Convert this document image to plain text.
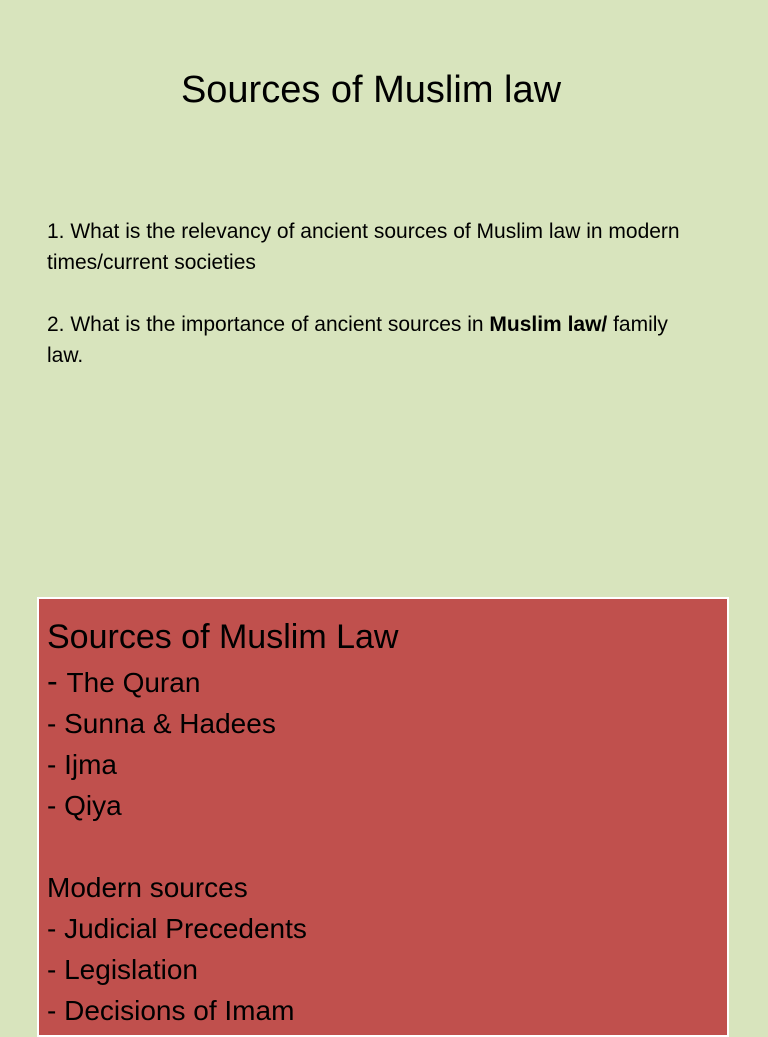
Sources of Muslim law

1. What is the relevancy of ancient sources of Muslim law in modern times/current societies

2. What is the importance of ancient sources in Muslim law/ family law.

Sources of Muslim Law
- The Quran
- Sunna & Hadees
- Ijma
- Qiya
Modern sources
- Judicial Precedents
- Legislation
- Decisions of Imam
